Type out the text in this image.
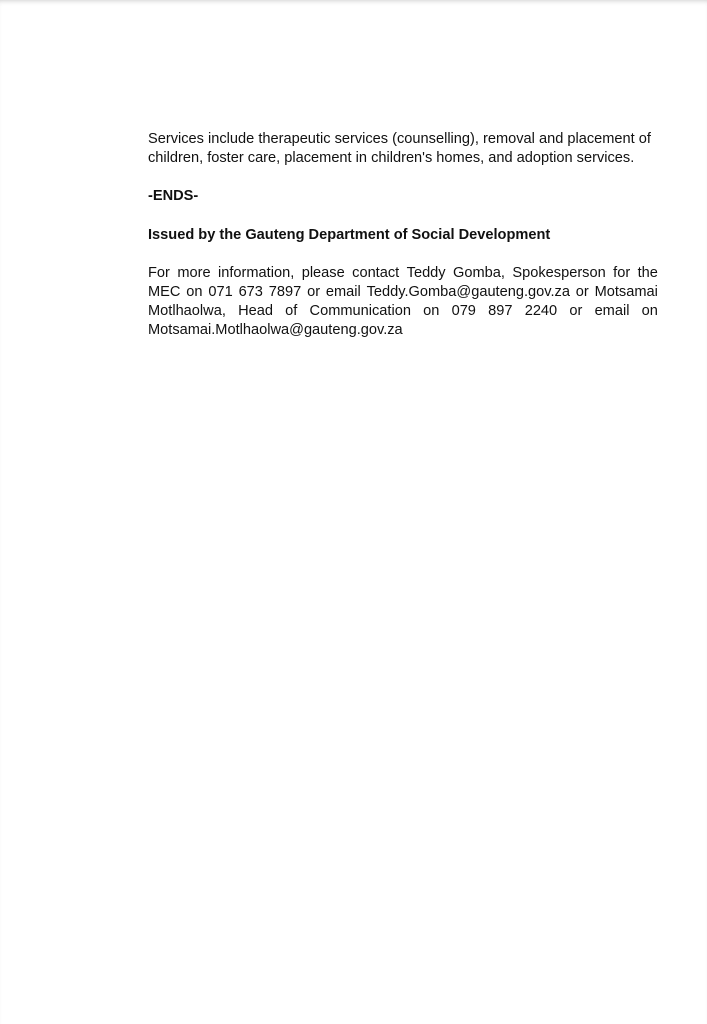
Services include therapeutic services (counselling), removal and placement of
children, foster care, placement in children's homes, and adoption services.

-ENDS-

Issued by the Gauteng Department of Social Development

For more information, please contact Teddy Gomba, Spokesperson for the
MEC on 071 673 7897 or email Teddy.Gomba@gauteng.gov.za or Motsamai
Motlhaolwa, Head of Communication on 079 897 2240 or email on
Motsamai.Motlhaolwa@gauteng.gov.za
